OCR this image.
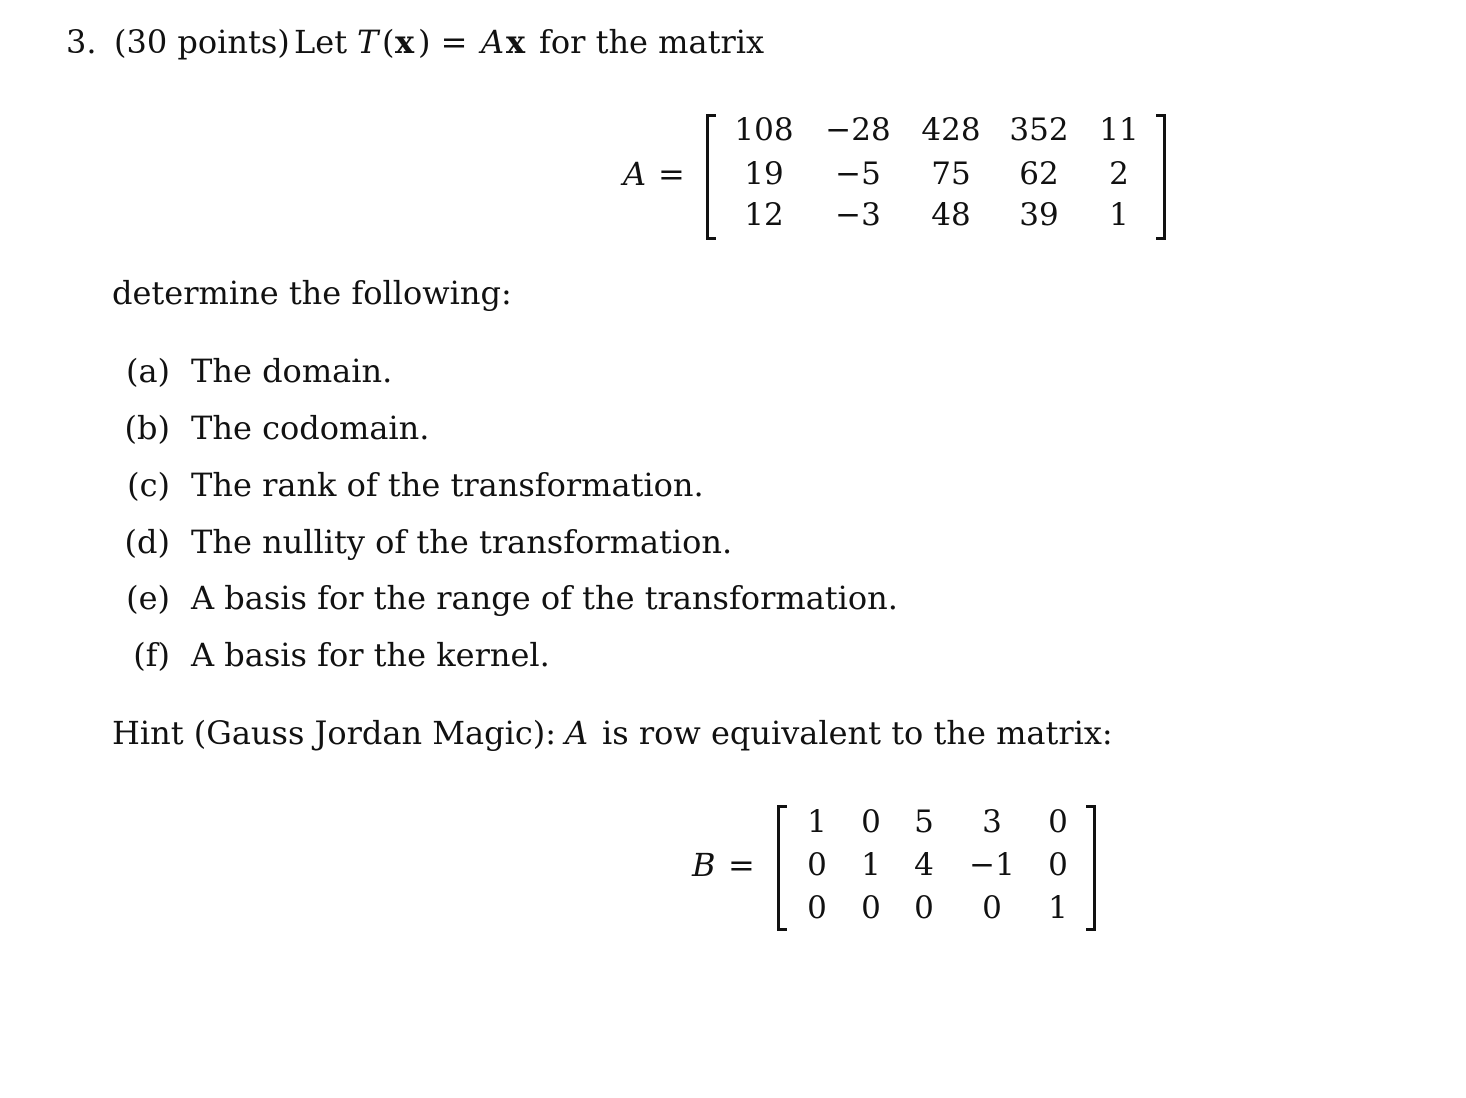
3. (30 points) Let T ( x ) = A x for the matrix
A =
108 −28 428 352 11
19	−5	75	62	2
12	−3	48	39	1
determine the following:
(a) The domain.
(b) The codomain.
(c) The rank of the transformation.
(d) The nullity of the transformation.
(e) A basis for the range of the transformation.
(f) A basis for the kernel.
Hint (Gauss Jordan Magic): A is row equivalent to the matrix:
B =
1 0 5	3	0
0 1 4 −1 0
0 0 0	0	1
